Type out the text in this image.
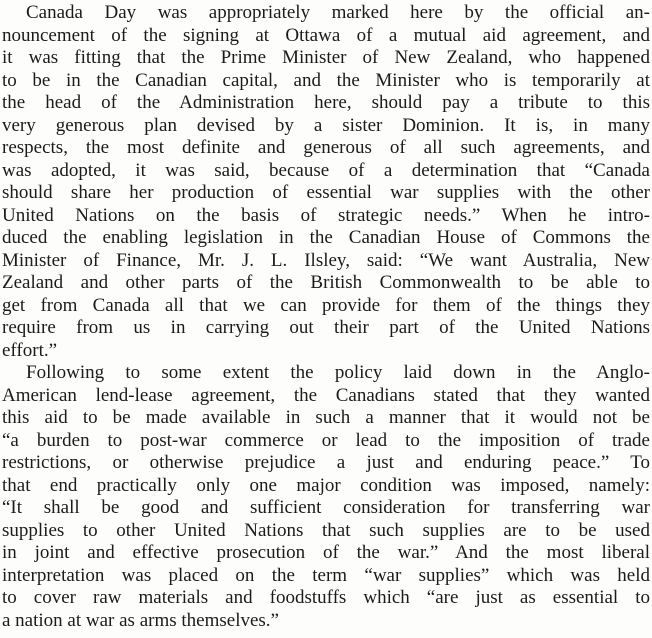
Canada Day was appropriately marked here by the official an-
nouncement of the signing at Ottawa of a mutual aid agreement, and
it was fitting that the Prime Minister of New Zealand, who happened
to be in the Canadian capital, and the Minister who is temporarily at
the head of the Administration here, should pay a tribute to this
very generous plan devised by a sister Dominion. It is, in many
respects, the most definite and generous of all such agreements, and
was adopted, it was said, because of a determination that “Canada
should share her production of essential war supplies with the other
United Nations on the basis of strategic needs.” When he intro-
duced the enabling legislation in the Canadian House of Commons the
Minister of Finance, Mr. J. L. Ilsley, said: “We want Australia, New
Zealand and other parts of the British Commonwealth to be able to
get from Canada all that we can provide for them of the things they
require from us in carrying out their part of the United Nations
effort.”
Following to some extent the policy laid down in the Anglo-
American lend-lease agreement, the Canadians stated that they wanted
this aid to be made available in such a manner that it would not be
“a burden to post-war commerce or lead to the imposition of trade
restrictions, or otherwise prejudice a just and enduring peace.” To
that end practically only one major condition was imposed, namely:
“It shall be good and sufficient consideration for transferring war
supplies to other United Nations that such supplies are to be used
in joint and effective prosecution of the war.” And the most liberal
interpretation was placed on the term “war supplies” which was held
to cover raw materials and foodstuffs which “are just as essential to
a nation at war as arms themselves.”
